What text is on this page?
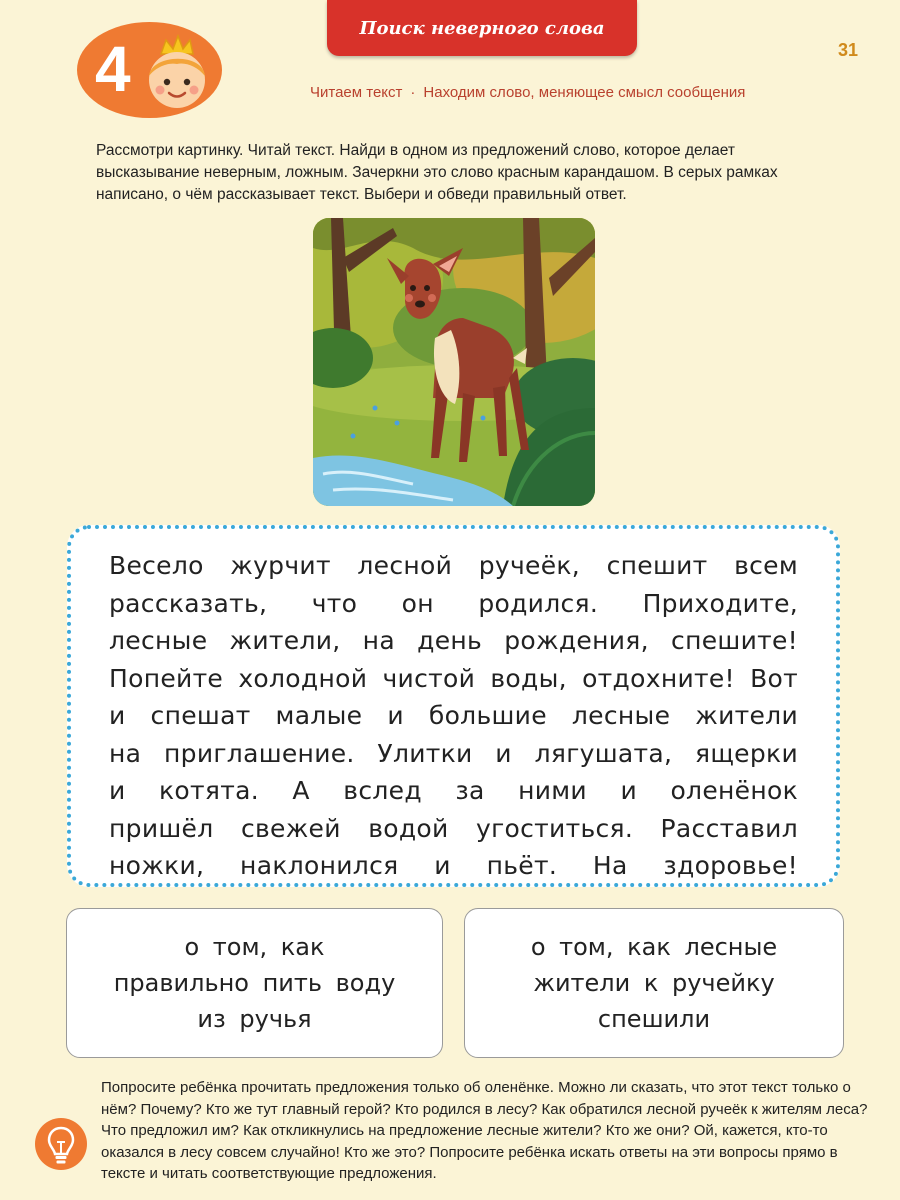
4
Поиск неверного слова
31
Читаем текст · Находим слово, меняющее смысл сообщения

Рассмотри картинку. Читай текст. Найди в одном из предложений слово, которое делает высказывание неверным, ложным. Зачеркни это слово красным карандашом. В серых рамках написано, о чём рассказывает текст. Выбери и обведи правильный ответ.

Весело журчит лесной ручеёк, спешит всем
рассказать, что он родился. Приходите,
лесные жители, на день рождения, спешите!
Попейте холодной чистой воды, отдохните! Вот
и спешат малые и большие лесные жители
на приглашение. Улитки и лягушата, ящерки
и котята. А вслед за ними и оленёнок
пришёл свежей водой угоститься. Расставил
ножки, наклонился и пьёт. На здоровье!
о том, как
правильно пить воду
из ручья
о том, как лесные
жители к ручейку
спешили

Попросите ребёнка прочитать предложения только об оленёнке. Можно ли сказать, что этот текст только о нём? Почему? Кто же тут главный герой? Кто родился в лесу? Как обратился лесной ручеёк к жителям леса? Что предложил им? Как откликнулись на предложение лесные жители? Кто же они? Ой, кажется, кто-то оказался в лесу совсем случайно! Кто же это? Попросите ребёнка искать ответы на эти вопросы прямо в тексте и читать соответствующие предложения.
